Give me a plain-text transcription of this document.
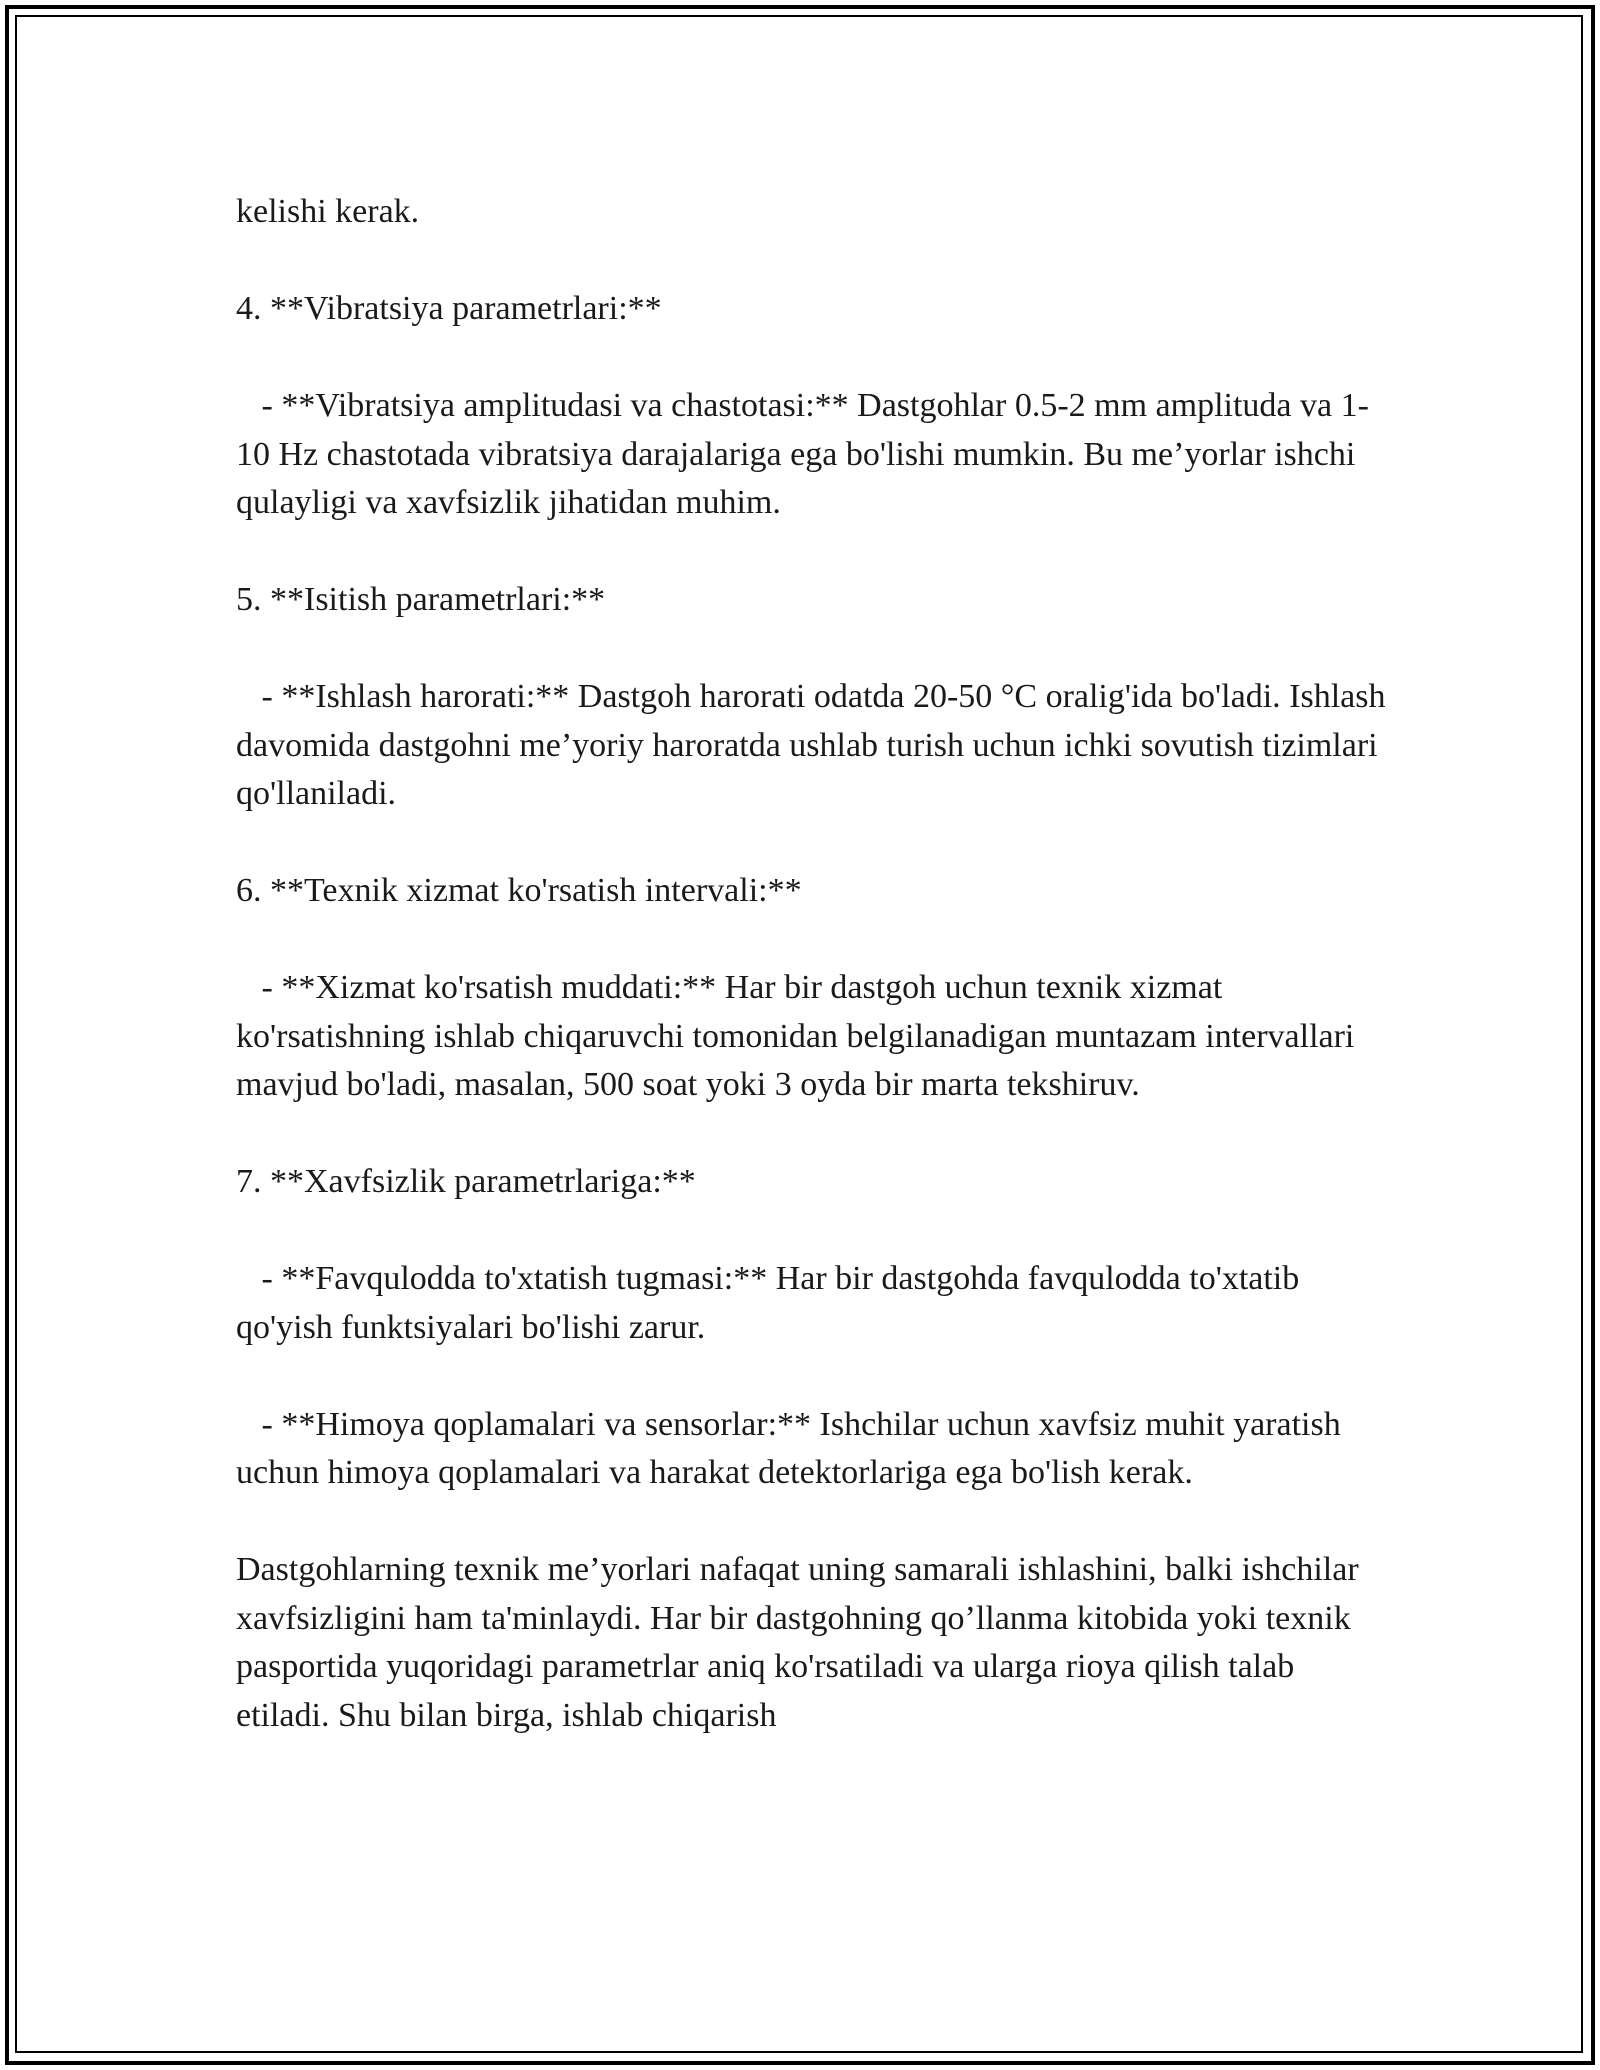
kelishi kerak.

4. **Vibratsiya parametrlari:**

- **Vibratsiya amplitudasi va chastotasi:** Dastgohlar 0.5-2 mm amplituda va 1-10 Hz chastotada vibratsiya darajalariga ega bo'lishi mumkin. Bu me’yorlar ishchi qulayligi va xavfsizlik jihatidan muhim.

5. **Isitish parametrlari:**

- **Ishlash harorati:** Dastgoh harorati odatda 20-50 °C oralig'ida bo'ladi. Ishlash davomida dastgohni me’yoriy haroratda ushlab turish uchun ichki sovutish tizimlari qo'llaniladi.

6. **Texnik xizmat ko'rsatish intervali:**

- **Xizmat ko'rsatish muddati:** Har bir dastgoh uchun texnik xizmat ko'rsatishning ishlab chiqaruvchi tomonidan belgilanadigan muntazam intervallari mavjud bo'ladi, masalan, 500 soat yoki 3 oyda bir marta tekshiruv.

7. **Xavfsizlik parametrlariga:**

- **Favqulodda to'xtatish tugmasi:** Har bir dastgohda favqulodda to'xtatib qo'yish funktsiyalari bo'lishi zarur.

- **Himoya qoplamalari va sensorlar:** Ishchilar uchun xavfsiz muhit yaratish uchun himoya qoplamalari va harakat detektorlariga ega bo'lish kerak.

Dastgohlarning texnik me’yorlari nafaqat uning samarali ishlashini, balki ishchilar xavfsizligini ham ta'minlaydi. Har bir dastgohning qo’llanma kitobida yoki texnik pasportida yuqoridagi parametrlar aniq ko'rsatiladi va ularga rioya qilish talab etiladi. Shu bilan birga, ishlab chiqarish
